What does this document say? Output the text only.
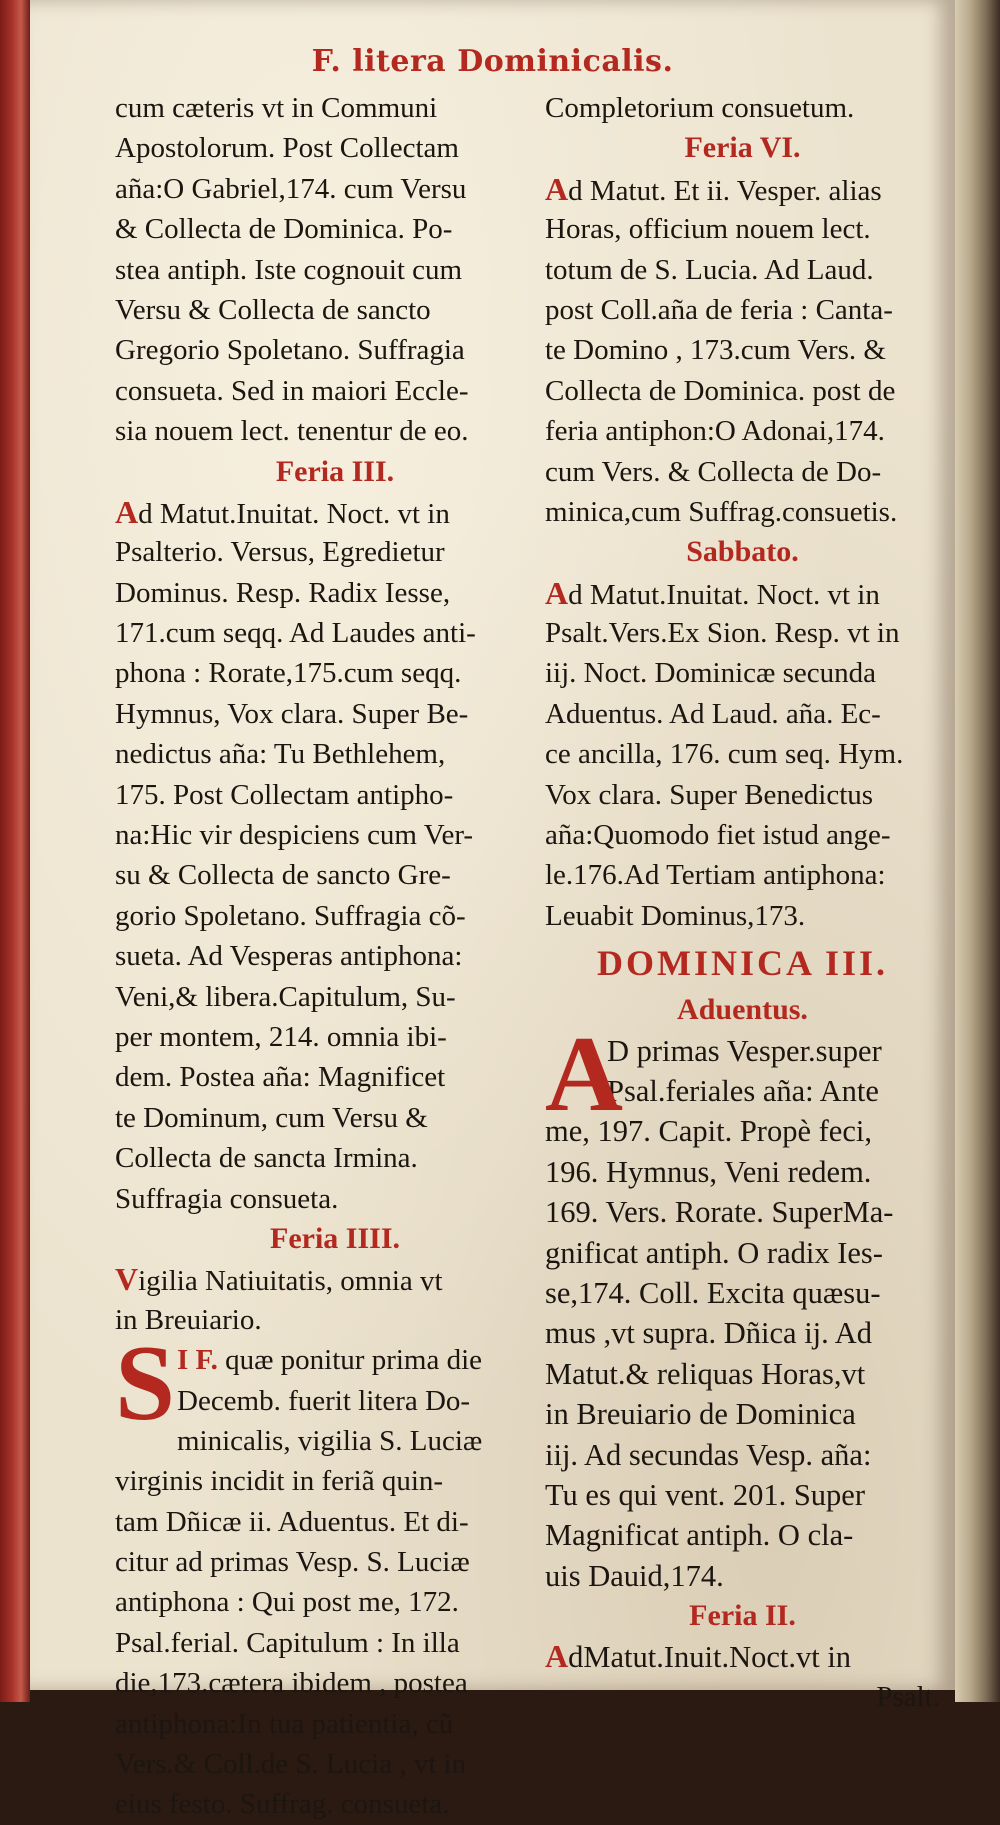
F. litera Dominicalis.
cum cæteris vt in Communi
Apostolorum. Post Collectam
aña:O Gabriel,174. cum Versu
& Collecta de Dominica. Po-
stea antiph. Iste cognouit cum
Versu & Collecta de sancto
Gregorio Spoletano. Suffragia
consueta. Sed in maiori Eccle-
sia nouem lect. tenentur de eo.
Feria III.
Ad Matut.Inuitat. Noct. vt in
Psalterio. Versus, Egredietur
Dominus. Resp. Radix Iesse,
171.cum seqq. Ad Laudes anti-
phona : Rorate,175.cum seqq.
Hymnus, Vox clara. Super Be-
nedictus aña: Tu Bethlehem,
175. Post Collectam antipho-
na:Hic vir despiciens cum Ver-
su & Collecta de sancto Gre-
gorio Spoletano. Suffragia cõ-
sueta. Ad Vesperas antiphona:
Veni,& libera.Capitulum, Su-
per montem, 214. omnia ibi-
dem. Postea aña: Magnificet
te Dominum, cum Versu &
Collecta de sancta Irmina.
Suffragia consueta.
Feria IIII.
Vigilia Natiuitatis, omnia vt
in Breuiario.
S I F. quæ ponitur prima die
Decemb. fuerit litera Do-
minicalis, vigilia S. Luciæ
virginis incidit in feriã quin-
tam Dñicæ ii. Aduentus. Et di-
citur ad primas Vesp. S. Luciæ
antiphona : Qui post me, 172.
Psal.ferial. Capitulum : In illa
die,173.cætera ibidem , postea
antiphona:In tua patientia, cũ
Vers.& Coll.de S. Lucia , vt in
eius festo. Suffrag. consueta.
Completorium consuetum.
Feria VI.
Ad Matut. Et ii. Vesper. alias
Horas, officium nouem lect.
totum de S. Lucia. Ad Laud.
post Coll.aña de feria : Canta-
te Domino , 173.cum Vers. &
Collecta de Dominica. post de
feria antiphon:O Adonai,174.
cum Vers. & Collecta de Do-
minica,cum Suffrag.consuetis.
Sabbato.
Ad Matut.Inuitat. Noct. vt in
Psalt.Vers.Ex Sion. Resp. vt in
iij. Noct. Dominicæ secunda
Aduentus. Ad Laud. aña. Ec-
ce ancilla, 176. cum seq. Hym.
Vox clara. Super Benedictus
aña:Quomodo fiet istud ange-
le.176.Ad Tertiam antiphona:
Leuabit Dominus,173.
DOMINICA III.
Aduentus.
A
D primas Vesper.super
Psal.feriales aña: Ante
me, 197. Capit. Propè feci,
196. Hymnus, Veni redem.
169. Vers. Rorate. SuperMa-
gnificat antiph. O radix Ies-
se,174. Coll. Excita quæsu-
mus ,vt supra. Dñica ij. Ad
Matut.& reliquas Horas,vt
in Breuiario de Dominica
iij. Ad secundas Vesp. aña:
Tu es qui vent. 201. Super
Magnificat antiph. O cla-
uis Dauid,174.
Feria II.
AdMatut.Inuit.Noct.vt in
Psalt.
